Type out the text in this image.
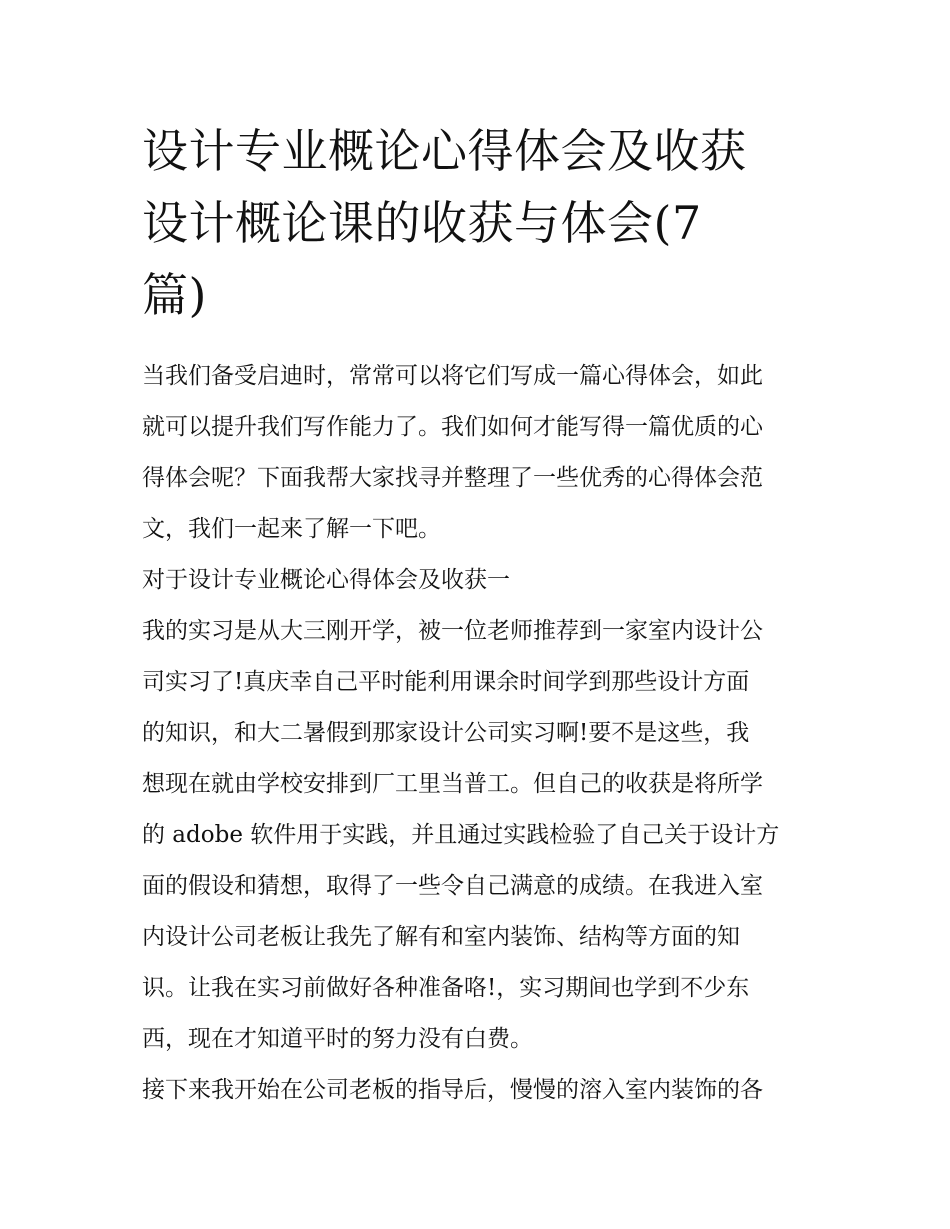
设计专业概论心得体会及收获
设计概论课的收获与体会(7
篇)

当我们备受启迪时，常常可以将它们写成一篇心得体会，如此
就可以提升我们写作能力了。我们如何才能写得一篇优质的心
得体会呢？下面我帮大家找寻并整理了一些优秀的心得体会范
文，我们一起来了解一下吧。

对于设计专业概论心得体会及收获一

我的实习是从大三刚开学，被一位老师推荐到一家室内设计公
司实习了!真庆幸自己平时能利用课余时间学到那些设计方面
的知识，和大二暑假到那家设计公司实习啊!要不是这些，我
想现在就由学校安排到厂工里当普工。但自己的收获是将所学
的 adobe 软件用于实践，并且通过实践检验了自己关于设计方
面的假设和猜想，取得了一些令自己满意的成绩。在我进入室
内设计公司老板让我先了解有和室内装饰、结构等方面的知
识。让我在实习前做好各种准备咯!，实习期间也学到不少东
西，现在才知道平时的努力没有白费。

接下来我开始在公司老板的指导后，慢慢的溶入室内装饰的各
